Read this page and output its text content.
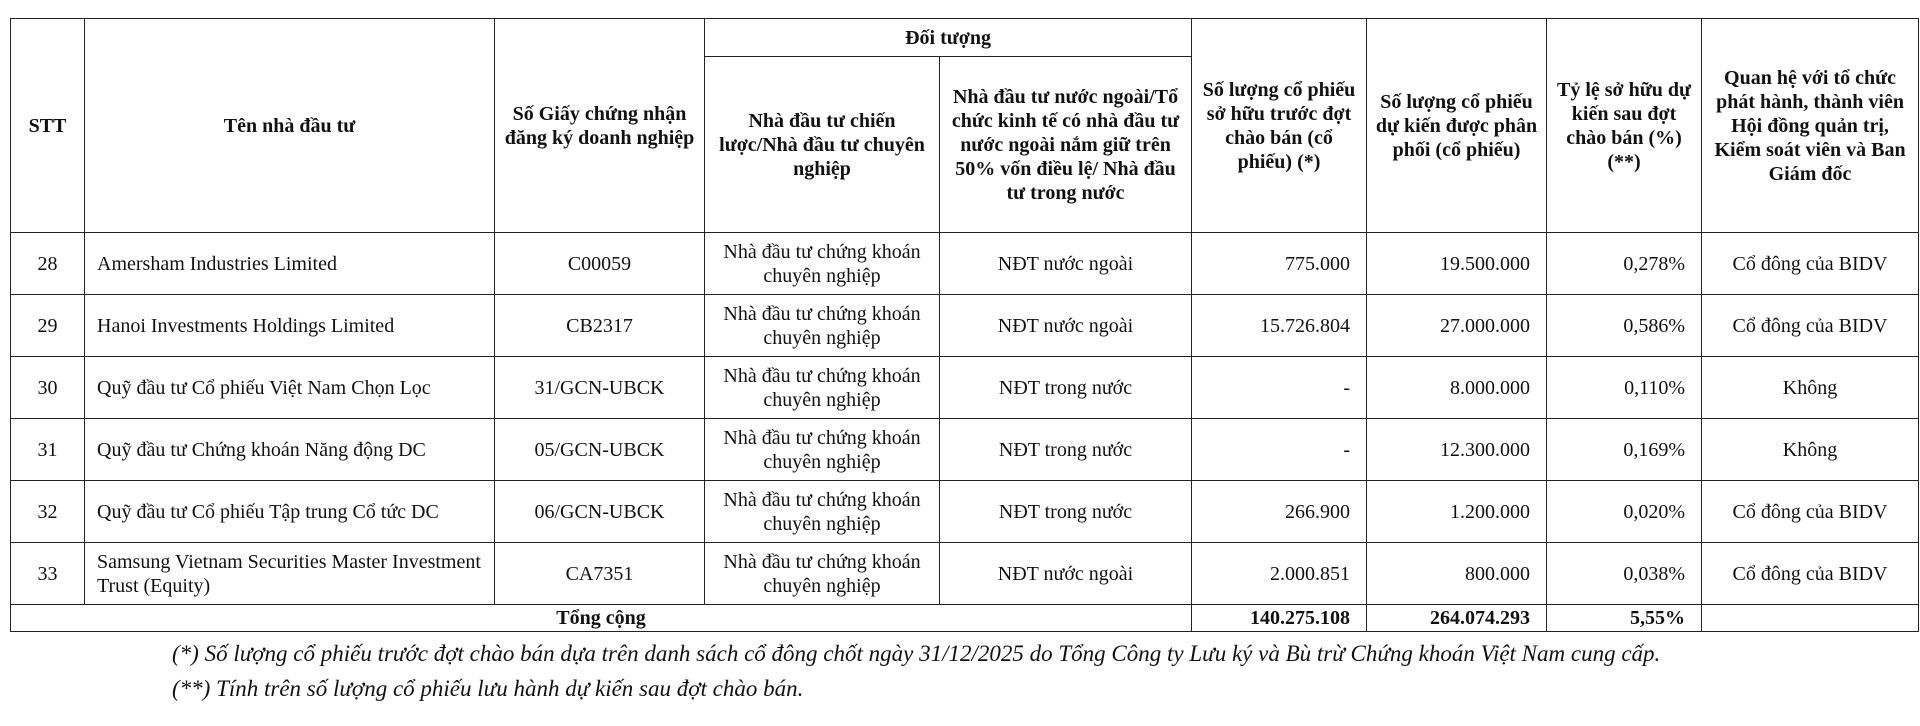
STT	Tên nhà đầu tư	Số Giấy chứng nhận đăng ký doanh nghiệp	Đối tượng		Số lượng cổ phiếu sở hữu trước đợt chào bán (cổ phiếu) (*)	Số lượng cổ phiếu dự kiến được phân phối (cổ phiếu)	Tỷ lệ sở hữu dự kiến sau đợt chào bán (%) (**)	Quan hệ với tổ chức phát hành, thành viên Hội đồng quản trị, Kiểm soát viên và Ban Giám đốc
			Nhà đầu tư chiến lược/Nhà đầu tư chuyên nghiệp	Nhà đầu tư nước ngoài/Tổ chức kinh tế có nhà đầu tư nước ngoài nắm giữ trên 50% vốn điều lệ/ Nhà đầu tư trong nước				
28	Amersham Industries Limited	C00059	Nhà đầu tư chứng khoán chuyên nghiệp	NĐT nước ngoài	775.000	19.500.000	0,278%	Cổ đông của BIDV
29	Hanoi Investments Holdings Limited	CB2317	Nhà đầu tư chứng khoán chuyên nghiệp	NĐT nước ngoài	15.726.804	27.000.000	0,586%	Cổ đông của BIDV
30	Quỹ đầu tư Cổ phiếu Việt Nam Chọn Lọc	31/GCN-UBCK	Nhà đầu tư chứng khoán chuyên nghiệp	NĐT trong nước	-	8.000.000	0,110%	Không
31	Quỹ đầu tư Chứng khoán Năng động DC	05/GCN-UBCK	Nhà đầu tư chứng khoán chuyên nghiệp	NĐT trong nước	-	12.300.000	0,169%	Không
32	Quỹ đầu tư Cổ phiếu Tập trung Cổ tức DC	06/GCN-UBCK	Nhà đầu tư chứng khoán chuyên nghiệp	NĐT trong nước	266.900	1.200.000	0,020%	Cổ đông của BIDV
33	Samsung Vietnam Securities Master Investment Trust (Equity)	CA7351	Nhà đầu tư chứng khoán chuyên nghiệp	NĐT nước ngoài	2.000.851	800.000	0,038%	Cổ đông của BIDV
Tổng cộng					140.275.108	264.074.293	5,55%	
(*) Số lượng cổ phiếu trước đợt chào bán dựa trên danh sách cổ đông chốt ngày 31/12/2025 do Tổng Công ty Lưu ký và Bù trừ Chứng khoán Việt Nam cung cấp.
(**) Tính trên số lượng cổ phiếu lưu hành dự kiến sau đợt chào bán.
